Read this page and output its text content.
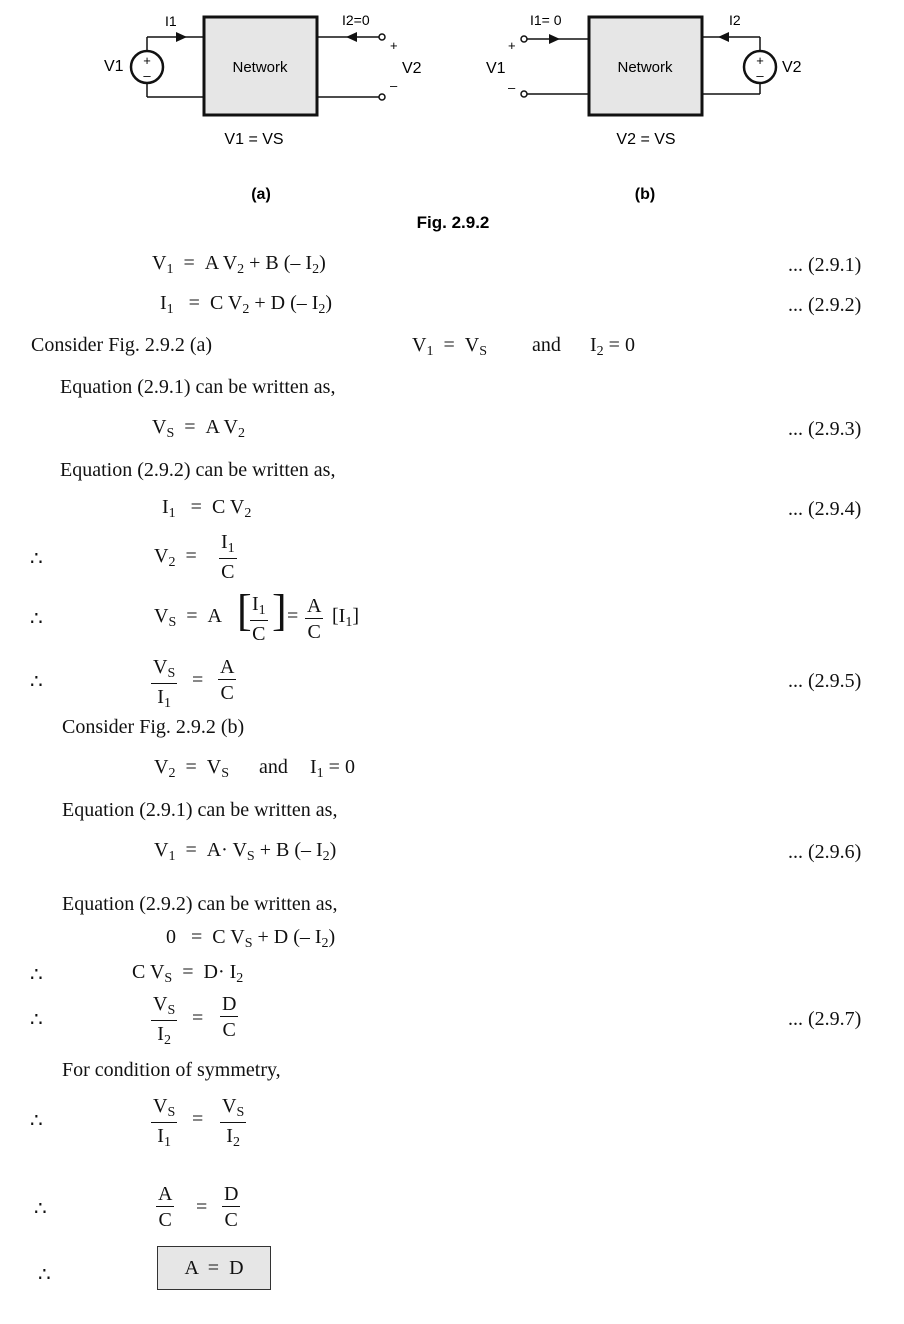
Network
+
–
V1
I1	I2=0
+
–
V2
V1 = VS
(a)
Network
I1= 0
+
–
V1
I2
+
– V2
V2 = VS
(b)
Fig. 2.9.2
$V_1 = A$ $V_2 + B$ (– $I_2$)	... (2.9.1)
$I_1 = C$ $V_2 + D$ (– $I_2$)	... (2.9.2)
Consider Fig. 2.9.2 (a)	$V_1 = V_S$	and $I_2 = 0$
Equation (2.9.1) can be written as,
$V_S = A$ $V_2$	... (2.9.3)
Equation (2.9.2) can be written as,
$I_1 = C$ $V_2$	... (2.9.4)
∴	$V_2 = \frac{I_1}{C}$
∴	$V_S = A$ [
$\frac{I_1}{C}$ ] = $\frac{A}{C} [I_1]$
∴	$\frac{V_S}{I_1} = \frac{A}{C}$	... (2.9.5)
Consider Fig. 2.9.2 (b)
$V_2 = V_S$ and $I_1 = 0$
Equation (2.9.1) can be written as,
$V_1 = A\cdot V_S + B$ (– $I_2$)	... (2.9.6)
Equation (2.9.2) can be written as,
0   =  C $V_S + D$ (– $I_2$)
∴	C $V_S = D\cdot I_2$
∴	$\frac{V_S}{I_2} = \frac{D}{C}$	... (2.9.7)
For condition of symmetry,
∴	$\frac{V_S}{I_1} = \frac{V_S}{I_2}$
∴	$\frac{A}{C} = \frac{D}{C}$
∴	A  =  D
